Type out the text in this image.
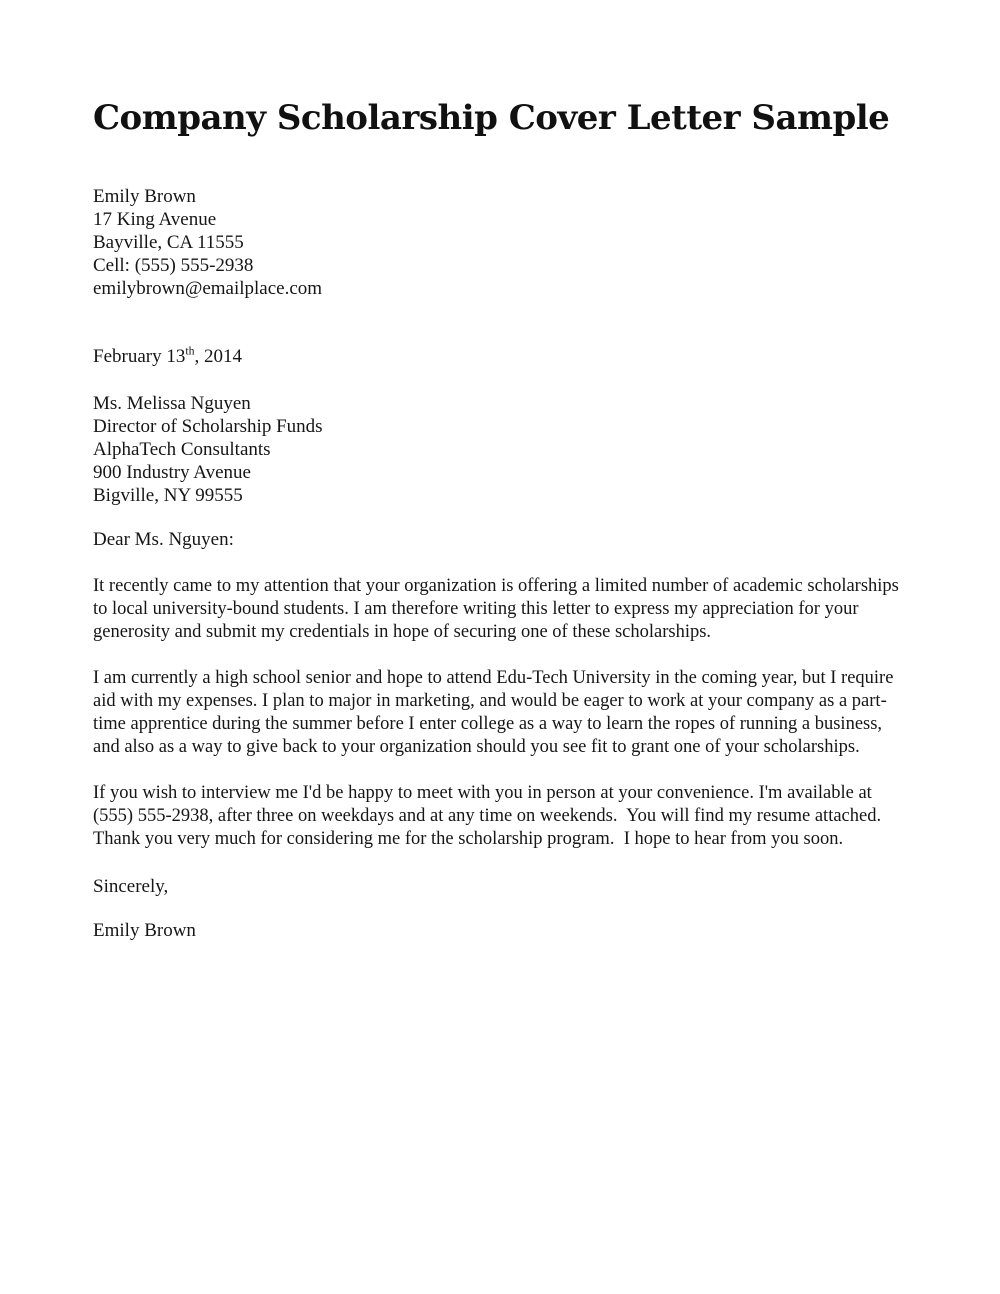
Company Scholarship Cover Letter Sample
Emily Brown
17 King Avenue
Bayville, CA 11555
Cell: (555) 555-2938
emilybrown@emailplace.com
February 13th, 2014
Ms. Melissa Nguyen
Director of Scholarship Funds
AlphaTech Consultants
900 Industry Avenue
Bigville, NY 99555
Dear Ms. Nguyen:

It recently came to my attention that your organization is offering a limited number of academic scholarships to local university-bound students. I am therefore writing this letter to express my appreciation for your generosity and submit my credentials in hope of securing one of these scholarships.

I am currently a high school senior and hope to attend Edu-Tech University in the coming year, but I require aid with my expenses. I plan to major in marketing, and would be eager to work at your company as a part-time apprentice during the summer before I enter college as a way to learn the ropes of running a business, and also as a way to give back to your organization should you see fit to grant one of your scholarships.

If you wish to interview me I'd be happy to meet with you in person at your convenience. I'm available at (555) 555-2938, after three on weekdays and at any time on weekends.  You will find my resume attached.  Thank you very much for considering me for the scholarship program.  I hope to hear from you soon.

Sincerely,
Emily Brown
